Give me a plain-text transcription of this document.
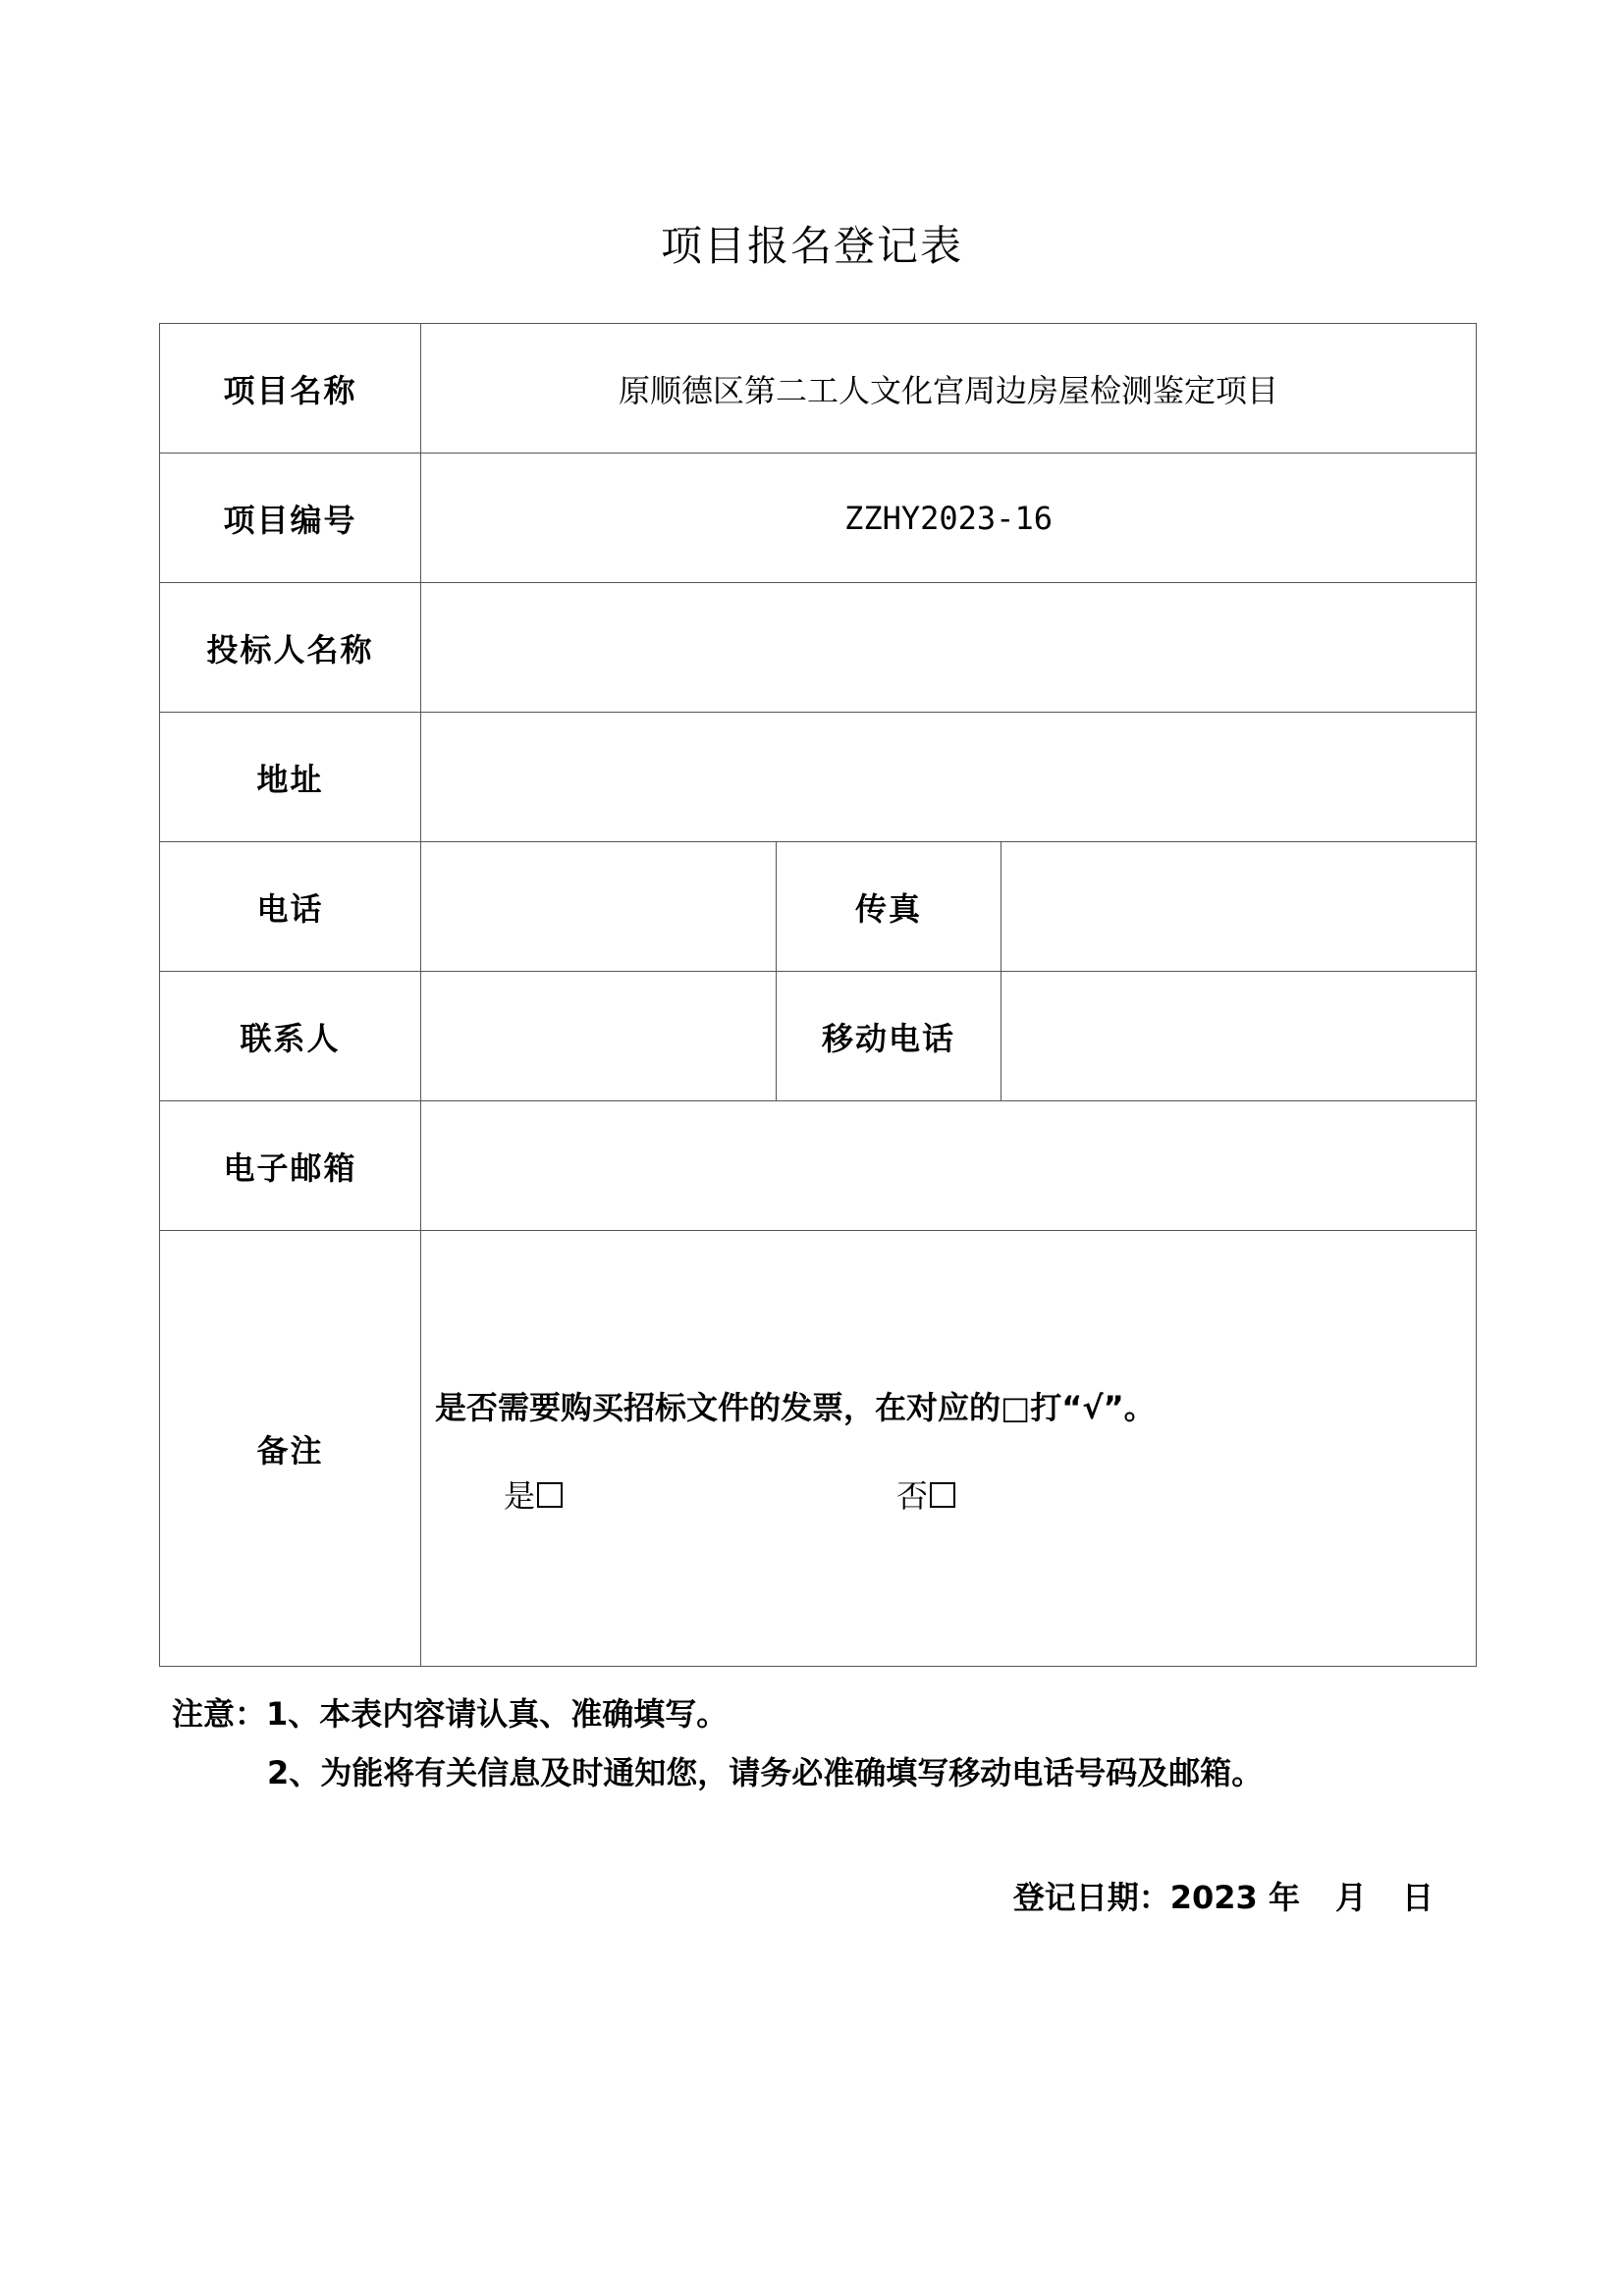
项目报名登记表
项目名称	原顺德区第二工人文化宫周边房屋检测鉴定项目		
项目编号	ZZHY2023-16		
投标人名称			
地址			
电话		传真	
联系人		移动电话	
电子邮箱			
备注	是否需要购买招标文件的发票，在对应的□打“√”。
是 否		
注意：1、本表内容请认真、准确填写。
2、为能将有关信息及时通知您，请务必准确填写移动电话号码及邮箱。
登记日期：2023 年 月 日
